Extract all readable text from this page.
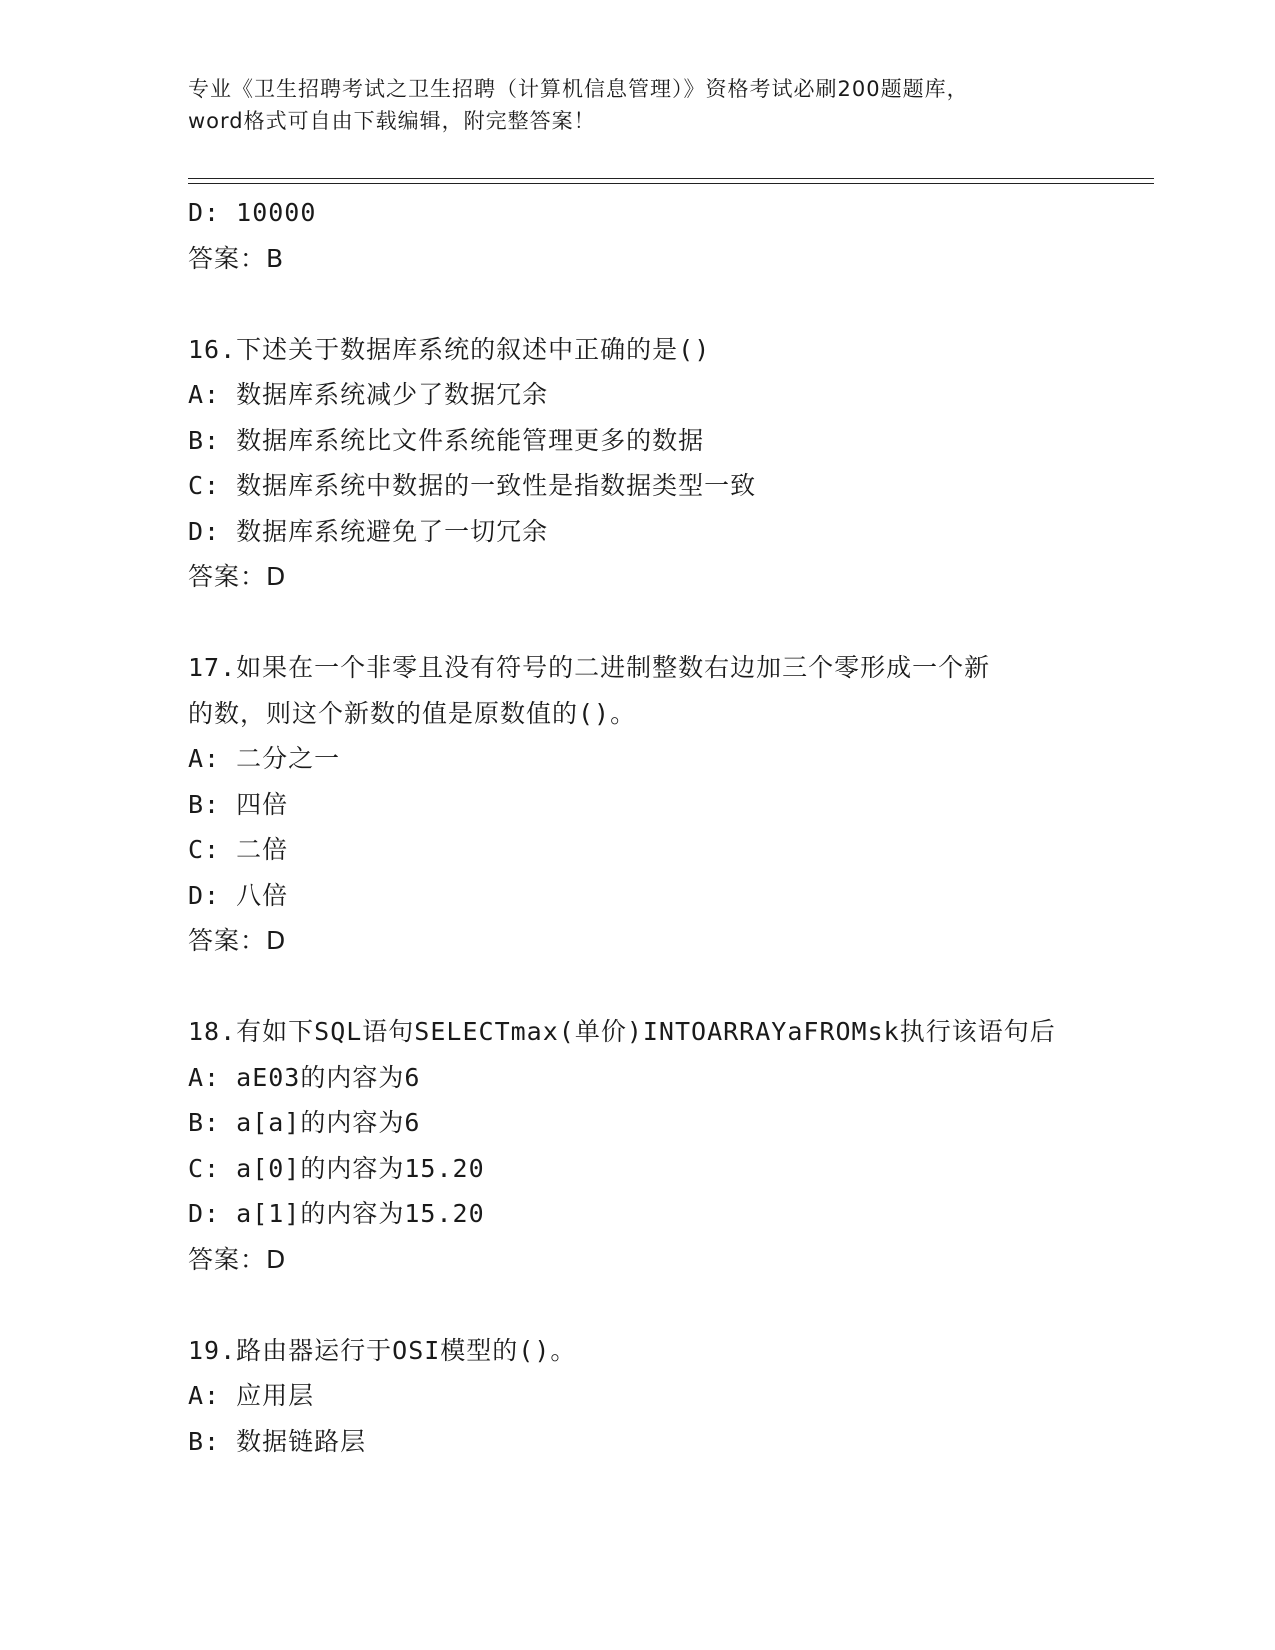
专业《卫生招聘考试之卫生招聘（计算机信息管理）》资格考试必刷200题题库，
word格式可自由下载编辑，附完整答案！
D: 10000
答案：B
16.下述关于数据库系统的叙述中正确的是()
A: 数据库系统减少了数据冗余
B: 数据库系统比文件系统能管理更多的数据
C: 数据库系统中数据的一致性是指数据类型一致
D: 数据库系统避免了一切冗余
答案：D
17.如果在一个非零且没有符号的二进制整数右边加三个零形成一个新
的数，则这个新数的值是原数值的()。
A: 二分之一
B: 四倍
C: 二倍
D: 八倍
答案：D
18.有如下SQL语句SELECTmax(单价)INTOARRAYaFROMsk执行该语句后
A: aE03的内容为6
B: a[a]的内容为6
C: a[0]的内容为15.20
D: a[1]的内容为15.20
答案：D
19.路由器运行于OSI模型的()。
A: 应用层
B: 数据链路层
